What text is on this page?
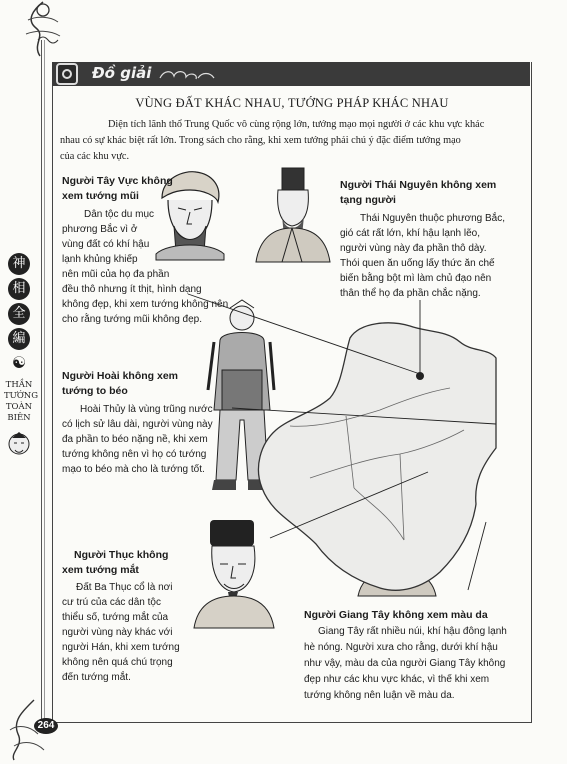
Đồ giải
VÙNG ĐẤT KHÁC NHAU, TƯỚNG PHÁP KHÁC NHAU
Diện tích lãnh thổ Trung Quốc vô cùng rộng lớn, tướng mạo mọi người ở các khu vực khác
nhau có sự khác biệt rất lớn. Trong sách cho rằng, khi xem tướng phải chú ý đặc điểm tướng mạo
của các khu vực.
Người Tây Vực không
xem tướng mũi
Dân tộc du mục
phương Bắc vì ở
vùng đất có khí hậu
lạnh khủng khiếp
nên mũi của họ đa phần
đều thô nhưng ít thịt, hình dạng
không đẹp, khi xem tướng không nên
cho rằng tướng mũi không đẹp.
Người Thái Nguyên không xem
tạng người
Thái Nguyên thuộc phương Bắc,
gió cát rất lớn, khí hậu lạnh lẽo,
người vùng này đa phần thô dày.
Thói quen ăn uống lấy thức ăn chế
biến bằng bột mì làm chủ đạo nên
thân thể họ đa phần chắc nặng.
Người Hoài không xem
tướng to béo
Hoài Thủy là vùng trũng nước
có lịch sử lâu dài, người vùng này
đa phần to béo nặng nề, khi xem
tướng không nên vì họ có tướng
mạo to béo mà cho là tướng tốt.
Người Thục không
xem tướng mắt
Đất Ba Thục cổ là nơi
cư trú của các dân tộc
thiểu số, tướng mắt của
người vùng này khác với
người Hán, khi xem tướng
không nên quá chú trọng
đến tướng mắt.
Người Giang Tây không xem màu da
Giang Tây rất nhiều núi, khí hậu đông lạnh
hè nóng. Người xưa cho rằng, dưới khí hậu
như vậy, màu da của người Giang Tây không
đẹp như các khu vực khác, vì thế khi xem
tướng không nên luận về màu da.
神
相
全
編
☯
THẦN
TƯỚNG
TOÀN
BIÊN
264
